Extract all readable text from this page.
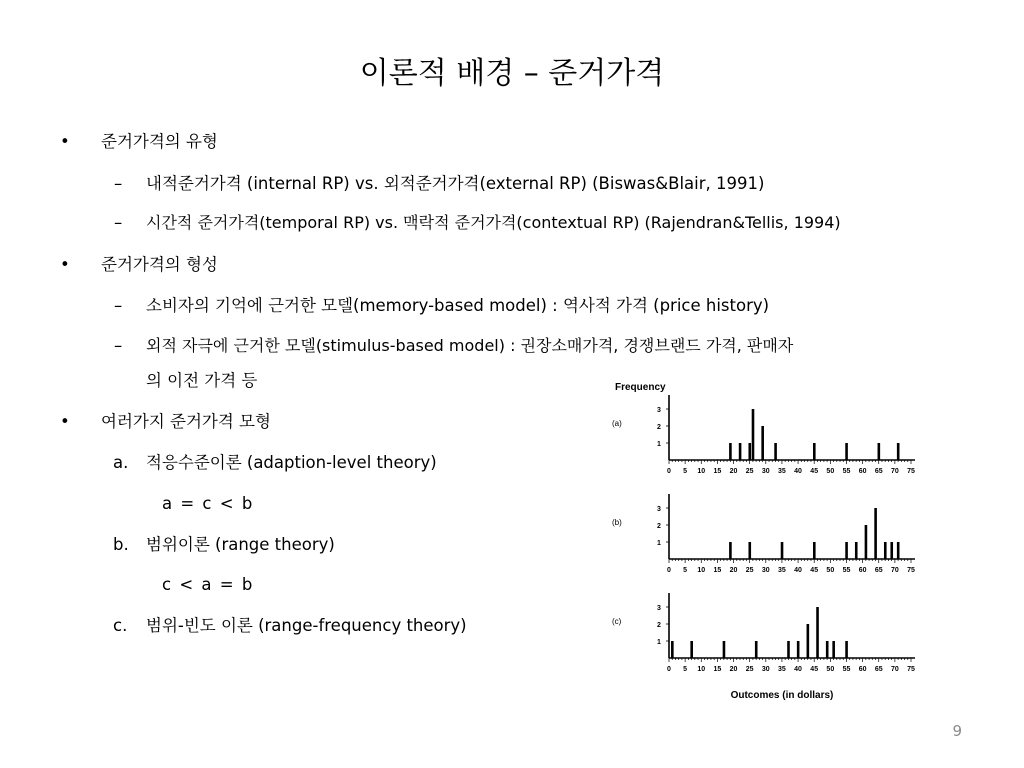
이론적 배경 – 준거가격
• 준거가격의 유형
– 내적준거가격 (internal RP) vs. 외적준거가격(external RP) (Biswas&Blair, 1991)
– 시간적 준거가격(temporal RP) vs. 맥락적 준거가격(contextual RP) (Rajendran&Tellis, 1994)
• 준거가격의 형성
– 소비자의 기억에 근거한 모델(memory-based model) : 역사적 가격 (price history)
– 외적 자극에 근거한 모델(stimulus-based model) : 권장소매가격, 경쟁브랜드 가격, 판매자
의 이전 가격 등
• 여러가지 준거가격 모형
a. 적응수준이론 (adaption-level theory)
a = c < b
b. 범위이론 (range theory)
c < a = b
c. 범위-빈도 이론 (range-frequency theory)
Frequency
Outcomes (in dollars)
(a)
1
2
3
0 5 10 15 20 25 30 35 40 45 50 55 60 65 70 75
(b)
1
2
3
0 5 10 15 20 25 30 35 40 45 50 55 60 65 70 75
(c)
1
2
3
0 5 10 15 20 25 30 35 40 45 50 55 60 65 70 75
9
